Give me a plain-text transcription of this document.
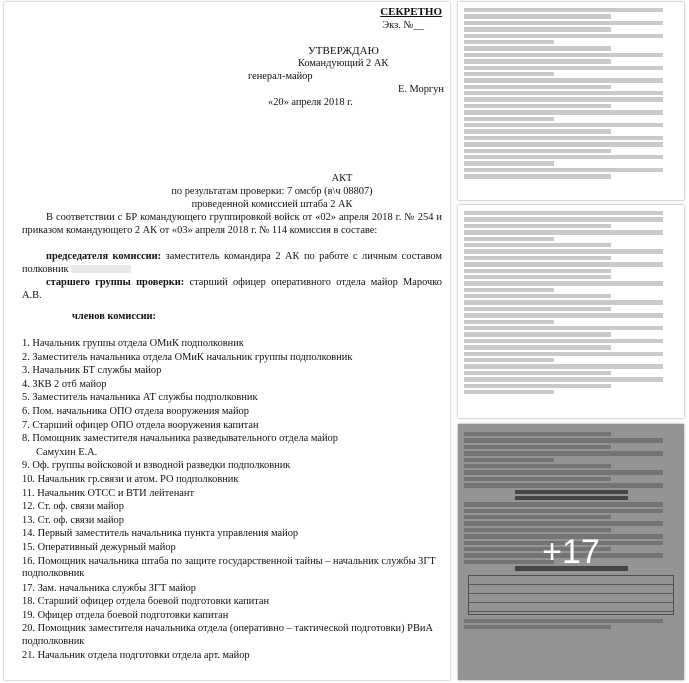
СЕКРЕТНО
Экз. №__
УТВЕРЖДАЮ
Командующий 2 АК
генерал-майор
Е. Моргун
«20» апреля 2018 г.
АКТ
по результатам проверки: 7 омсбр (в\ч 08807)
проведенной комиссией штаба 2 АК
В соответствии с БР командующего группировкой войск от «02» апреля 2018 г. № 254 и приказом командующего 2 АК от «03» апреля 2018 г. № 114 комиссия в составе:
председателя комиссии: заместитель командира 2 АК по работе с личным составом полковник
старшего группы проверки: старший офицер оперативного отдела майор Марочко А.В.
членов комиссии:
1. Начальник группы отдела ОМиК подполковник
2. Заместитель начальника отдела ОМиК начальник группы подполковник
3. Начальник БТ службы майор
4. ЗКВ 2 отб майор
5. Заместитель начальника АТ службы подполковник
6. Пом. начальника ОПО отдела вооружения майор
7. Старший офицер ОПО отдела вооружения капитан
8. Помощник заместителя начальника разведывательного отдела майор
Самухин Е.А.
9. Оф. группы войсковой и взводной разведки подполковник
10. Начальник гр.связи и атом. РО подполковник
11. Начальник ОТСС и ВТИ лейтенант
12. Ст. оф. связи майор
13. Ст. оф. связи майор
14. Первый заместитель начальника пункта управления майор
15. Оперативный дежурный майор
16. Помощник начальника штаба по защите государственной тайны – начальник службы ЗГТ подполковник
17. Зам. начальника службы ЗГТ майор
18. Старший офицер отдела боевой подготовки капитан
19. Офицер отдела боевой подготовки капитан
20. Помощник заместителя начальника отдела (оперативно – тактической подготовки) РВиА подполковник
21. Начальник отдела подготовки отдела арт. майор
+17
